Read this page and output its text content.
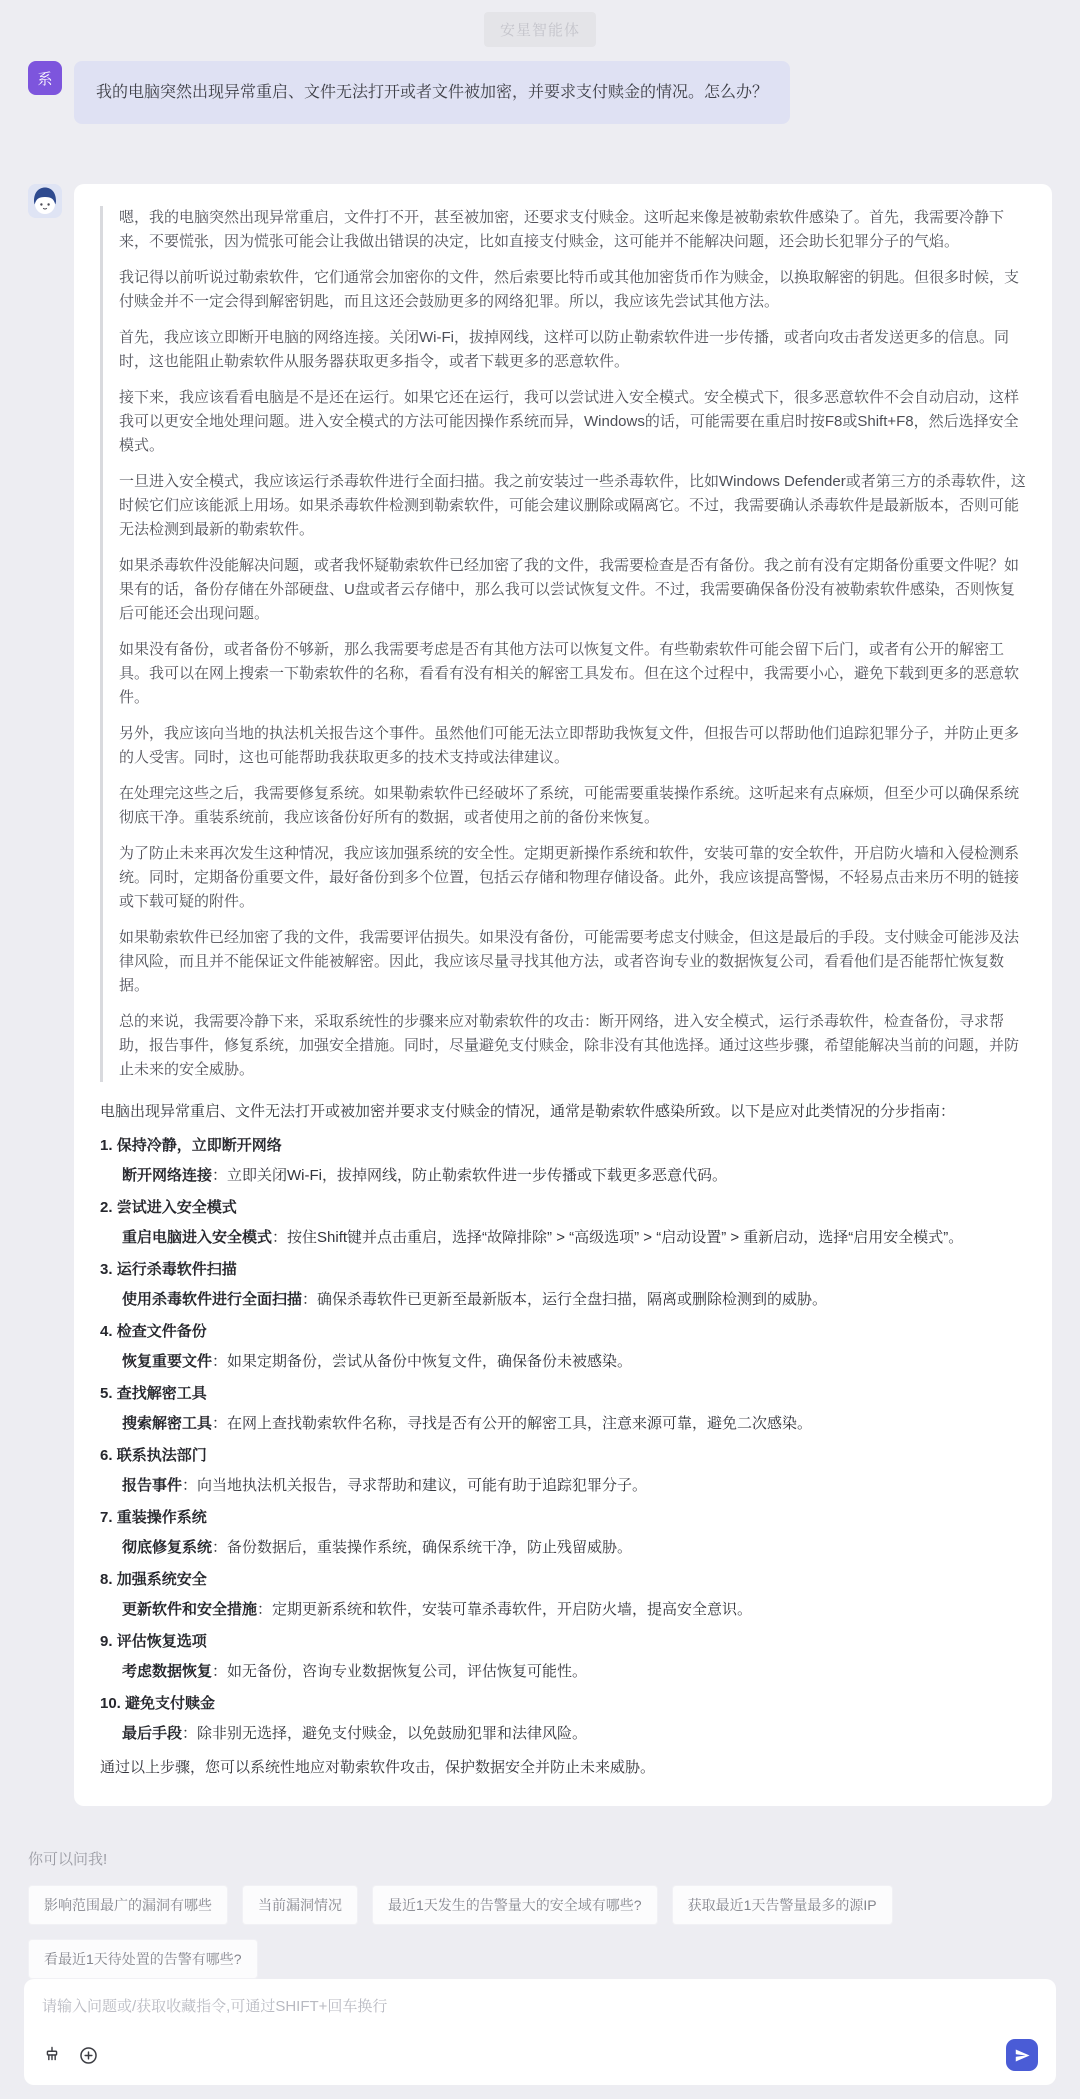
安星智能体
系
我的电脑突然出现异常重启、文件无法打开或者文件被加密，并要求支付赎金的情况。怎么办？

嗯，我的电脑突然出现异常重启，文件打不开，甚至被加密，还要求支付赎金。这听起来像是被勒索软件感染了。首先，我需要冷静下来，不要慌张，因为慌张可能会让我做出错误的决定，比如直接支付赎金，这可能并不能解决问题，还会助长犯罪分子的气焰。

我记得以前听说过勒索软件，它们通常会加密你的文件，然后索要比特币或其他加密货币作为赎金，以换取解密的钥匙。但很多时候，支付赎金并不一定会得到解密钥匙，而且这还会鼓励更多的网络犯罪。所以，我应该先尝试其他方法。

首先，我应该立即断开电脑的网络连接。关闭Wi-Fi，拔掉网线，这样可以防止勒索软件进一步传播，或者向攻击者发送更多的信息。同时，这也能阻止勒索软件从服务器获取更多指令，或者下载更多的恶意软件。

接下来，我应该看看电脑是不是还在运行。如果它还在运行，我可以尝试进入安全模式。安全模式下，很多恶意软件不会自动启动，这样我可以更安全地处理问题。进入安全模式的方法可能因操作系统而异，Windows的话，可能需要在重启时按F8或Shift+F8，然后选择安全模式。

一旦进入安全模式，我应该运行杀毒软件进行全面扫描。我之前安装过一些杀毒软件，比如Windows Defender或者第三方的杀毒软件，这时候它们应该能派上用场。如果杀毒软件检测到勒索软件，可能会建议删除或隔离它。不过，我需要确认杀毒软件是最新版本，否则可能无法检测到最新的勒索软件。

如果杀毒软件没能解决问题，或者我怀疑勒索软件已经加密了我的文件，我需要检查是否有备份。我之前有没有定期备份重要文件呢？如果有的话，备份存储在外部硬盘、U盘或者云存储中，那么我可以尝试恢复文件。不过，我需要确保备份没有被勒索软件感染，否则恢复后可能还会出现问题。

如果没有备份，或者备份不够新，那么我需要考虑是否有其他方法可以恢复文件。有些勒索软件可能会留下后门，或者有公开的解密工具。我可以在网上搜索一下勒索软件的名称，看看有没有相关的解密工具发布。但在这个过程中，我需要小心，避免下载到更多的恶意软件。

另外，我应该向当地的执法机关报告这个事件。虽然他们可能无法立即帮助我恢复文件，但报告可以帮助他们追踪犯罪分子，并防止更多的人受害。同时，这也可能帮助我获取更多的技术支持或法律建议。

在处理完这些之后，我需要修复系统。如果勒索软件已经破坏了系统，可能需要重装操作系统。这听起来有点麻烦，但至少可以确保系统彻底干净。重装系统前，我应该备份好所有的数据，或者使用之前的备份来恢复。

为了防止未来再次发生这种情况，我应该加强系统的安全性。定期更新操作系统和软件，安装可靠的安全软件，开启防火墙和入侵检测系统。同时，定期备份重要文件，最好备份到多个位置，包括云存储和物理存储设备。此外，我应该提高警惕，不轻易点击来历不明的链接或下载可疑的附件。

如果勒索软件已经加密了我的文件，我需要评估损失。如果没有备份，可能需要考虑支付赎金，但这是最后的手段。支付赎金可能涉及法律风险，而且并不能保证文件能被解密。因此，我应该尽量寻找其他方法，或者咨询专业的数据恢复公司，看看他们是否能帮忙恢复数据。

总的来说，我需要冷静下来，采取系统性的步骤来应对勒索软件的攻击：断开网络，进入安全模式，运行杀毒软件，检查备份，寻求帮助，报告事件，修复系统，加强安全措施。同时，尽量避免支付赎金，除非没有其他选择。通过这些步骤，希望能解决当前的问题，并防止未来的安全威胁。

电脑出现异常重启、文件无法打开或被加密并要求支付赎金的情况，通常是勒索软件感染所致。以下是应对此类情况的分步指南：

1. 保持冷静，立即断开网络
断开网络连接：立即关闭Wi-Fi，拔掉网线，防止勒索软件进一步传播或下载更多恶意代码。
2. 尝试进入安全模式
重启电脑进入安全模式：按住Shift键并点击重启，选择“故障排除” > “高级选项” > “启动设置” > 重新启动，选择“启用安全模式”。
3. 运行杀毒软件扫描
使用杀毒软件进行全面扫描：确保杀毒软件已更新至最新版本，运行全盘扫描，隔离或删除检测到的威胁。
4. 检查文件备份
恢复重要文件：如果定期备份，尝试从备份中恢复文件，确保备份未被感染。
5. 查找解密工具
搜索解密工具：在网上查找勒索软件名称，寻找是否有公开的解密工具，注意来源可靠，避免二次感染。
6. 联系执法部门
报告事件：向当地执法机关报告，寻求帮助和建议，可能有助于追踪犯罪分子。
7. 重装操作系统
彻底修复系统：备份数据后，重装操作系统，确保系统干净，防止残留威胁。
8. 加强系统安全
更新软件和安全措施：定期更新系统和软件，安装可靠杀毒软件，开启防火墙，提高安全意识。
9. 评估恢复选项
考虑数据恢复：如无备份，咨询专业数据恢复公司，评估恢复可能性。
10. 避免支付赎金
最后手段：除非别无选择，避免支付赎金，以免鼓励犯罪和法律风险。

通过以上步骤，您可以系统性地应对勒索软件攻击，保护数据安全并防止未来威胁。

你可以问我!

影响范围最广的漏洞有哪些	当前漏洞情况	最近1天发生的告警量大的安全域有哪些?	获取最近1天告警量最多的源IP
看最近1天待处置的告警有哪些?
请输入问题或/获取收藏指令,可通过SHIFT+回车换行
